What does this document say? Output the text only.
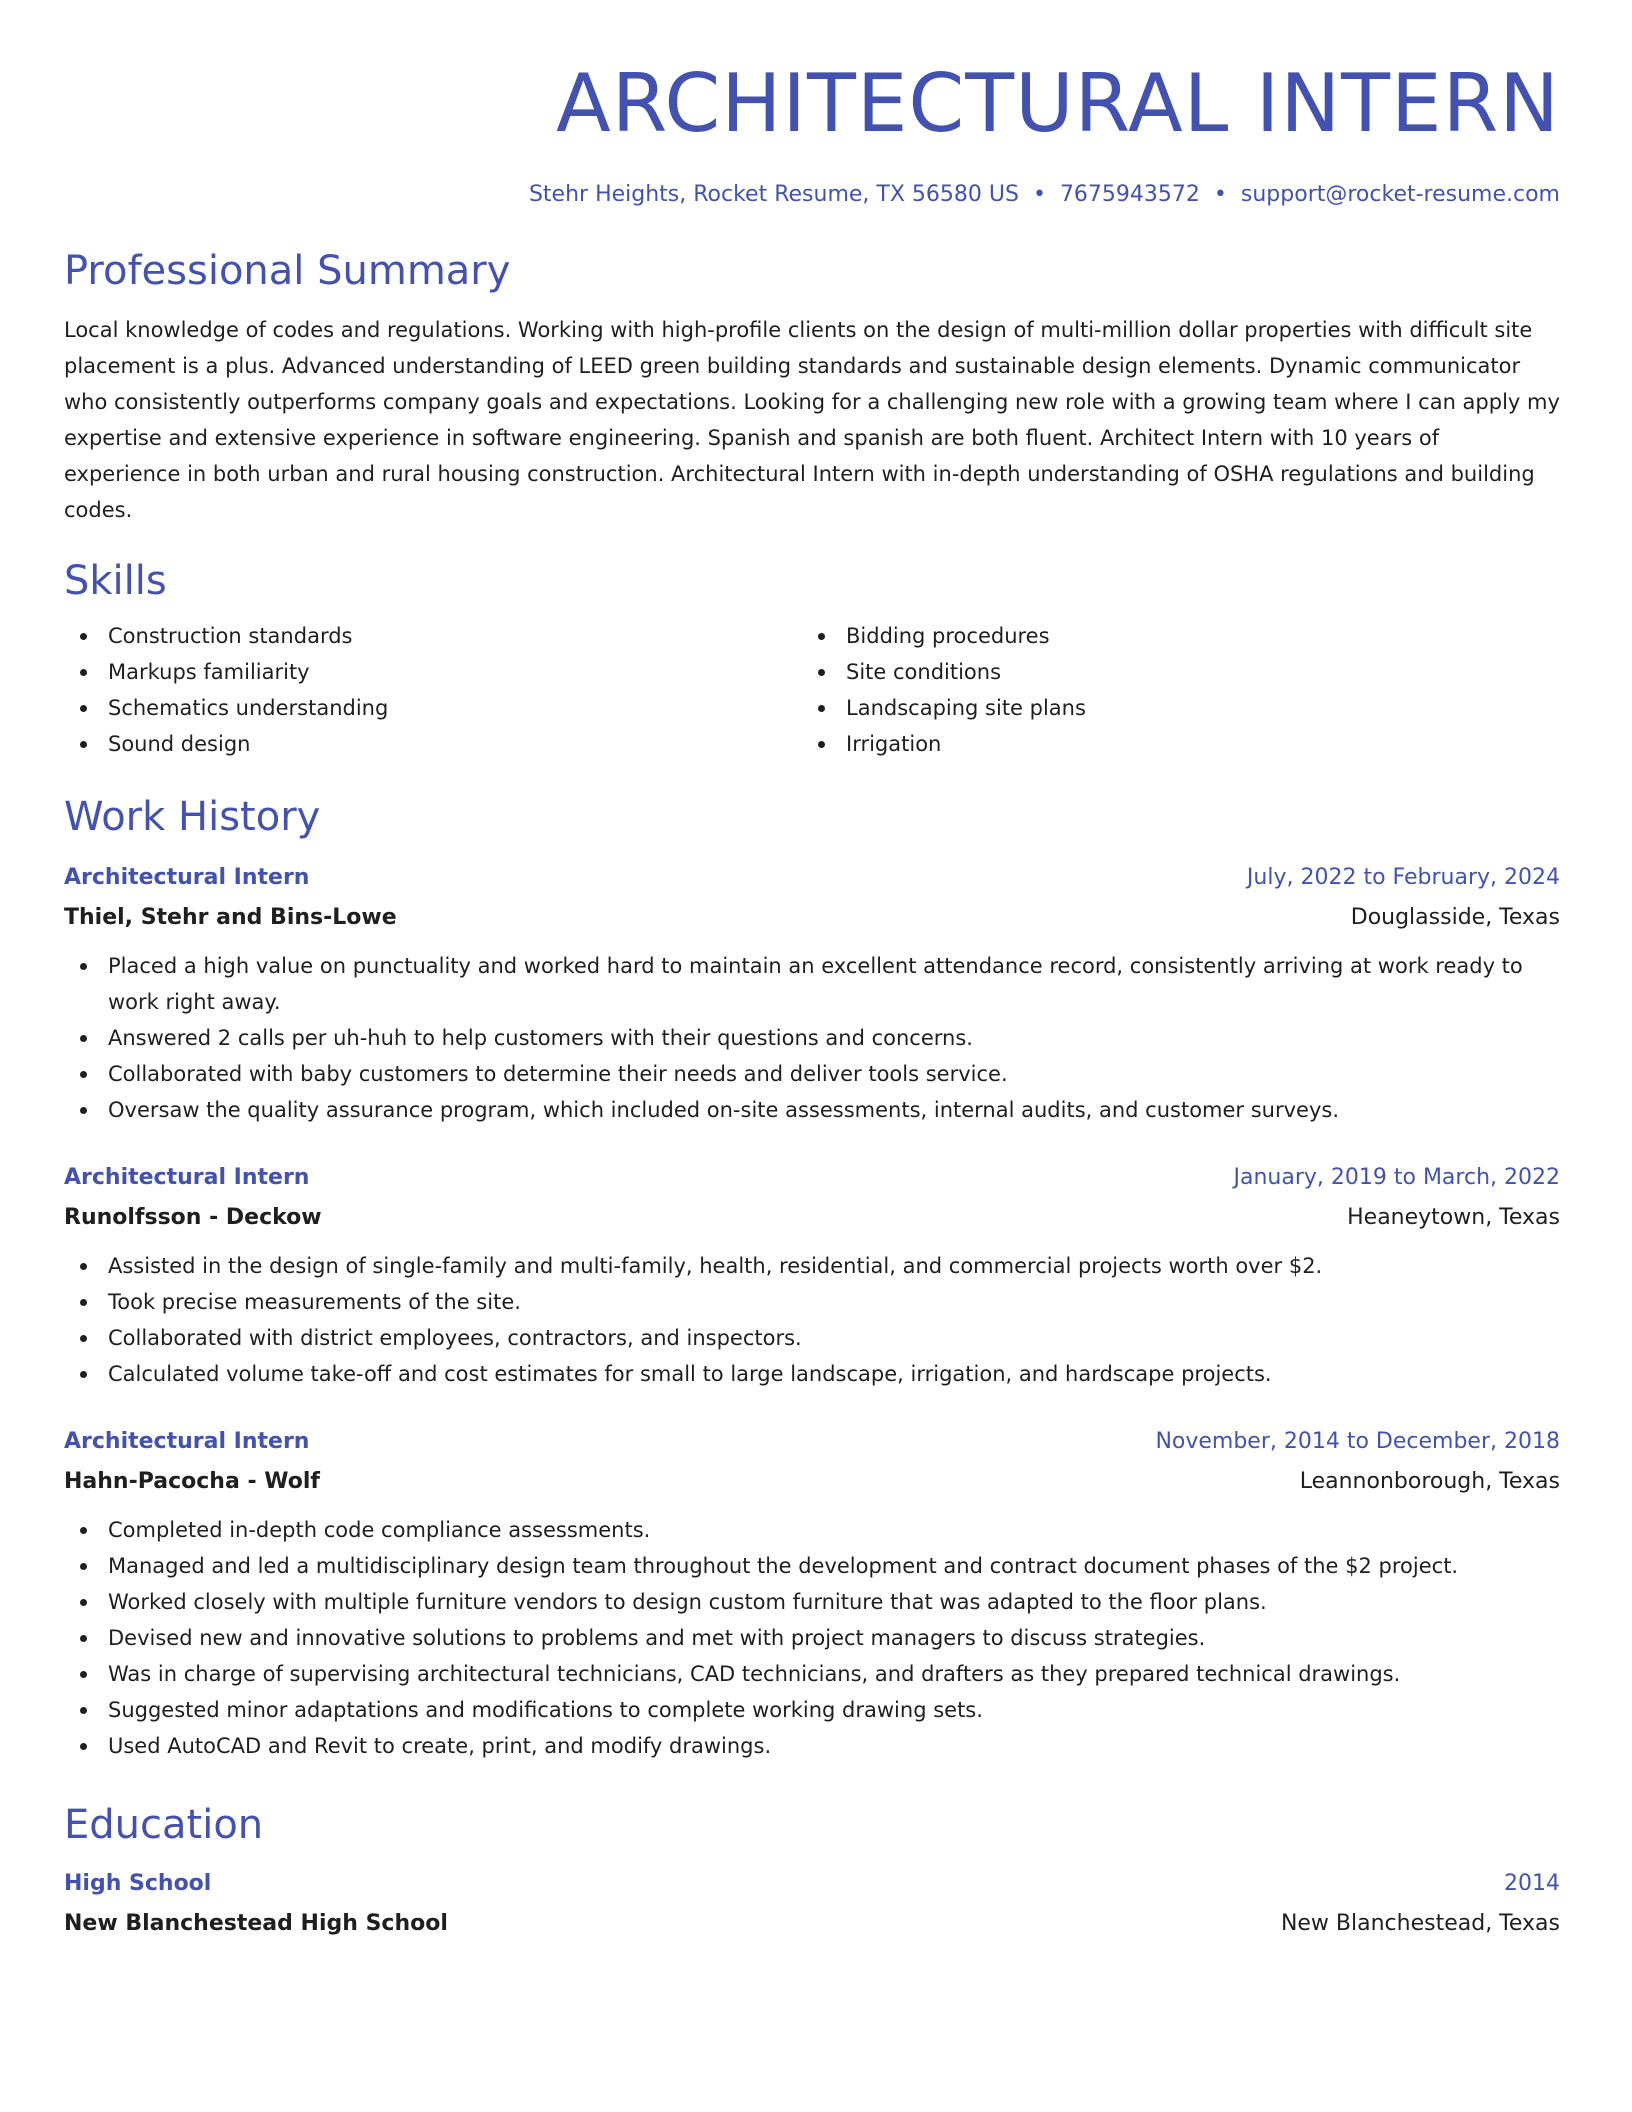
ARCHITECTURAL INTERN
Stehr Heights, Rocket Resume, TX 56580 US • 7675943572 • support@rocket-resume.com
Professional Summary
Local knowledge of codes and regulations. Working with high-profile clients on the design of multi-million dollar properties with difficult site placement is a plus. Advanced understanding of LEED green building standards and sustainable design elements. Dynamic communicator who consistently outperforms company goals and expectations. Looking for a challenging new role with a growing team where I can apply my expertise and extensive experience in software engineering. Spanish and spanish are both fluent. Architect Intern with 10 years of experience in both urban and rural housing construction. Architectural Intern with in-depth understanding of OSHA regulations and building codes.
Skills
Construction standards
Markups familiarity
Schematics understanding
Sound design
Bidding procedures
Site conditions
Landscaping site plans
Irrigation
Work History
Architectural Intern	July, 2022 to February, 2024
Thiel, Stehr and Bins-Lowe	Douglasside, Texas
Placed a high value on punctuality and worked hard to maintain an excellent attendance record, consistently arriving at work ready to work right away.
Answered 2 calls per uh-huh to help customers with their questions and concerns.
Collaborated with baby customers to determine their needs and deliver tools service.
Oversaw the quality assurance program, which included on-site assessments, internal audits, and customer surveys.
Architectural Intern	January, 2019 to March, 2022
Runolfsson - Deckow	Heaneytown, Texas
Assisted in the design of single-family and multi-family, health, residential, and commercial projects worth over $2.
Took precise measurements of the site.
Collaborated with district employees, contractors, and inspectors.
Calculated volume take-off and cost estimates for small to large landscape, irrigation, and hardscape projects.
Architectural Intern	November, 2014 to December, 2018
Hahn-Pacocha - Wolf	Leannonborough, Texas
Completed in-depth code compliance assessments.
Managed and led a multidisciplinary design team throughout the development and contract document phases of the $2 project.
Worked closely with multiple furniture vendors to design custom furniture that was adapted to the floor plans.
Devised new and innovative solutions to problems and met with project managers to discuss strategies.
Was in charge of supervising architectural technicians, CAD technicians, and drafters as they prepared technical drawings.
Suggested minor adaptations and modifications to complete working drawing sets.
Used AutoCAD and Revit to create, print, and modify drawings.
Education
High School	2014
New Blanchestead High School	New Blanchestead, Texas
